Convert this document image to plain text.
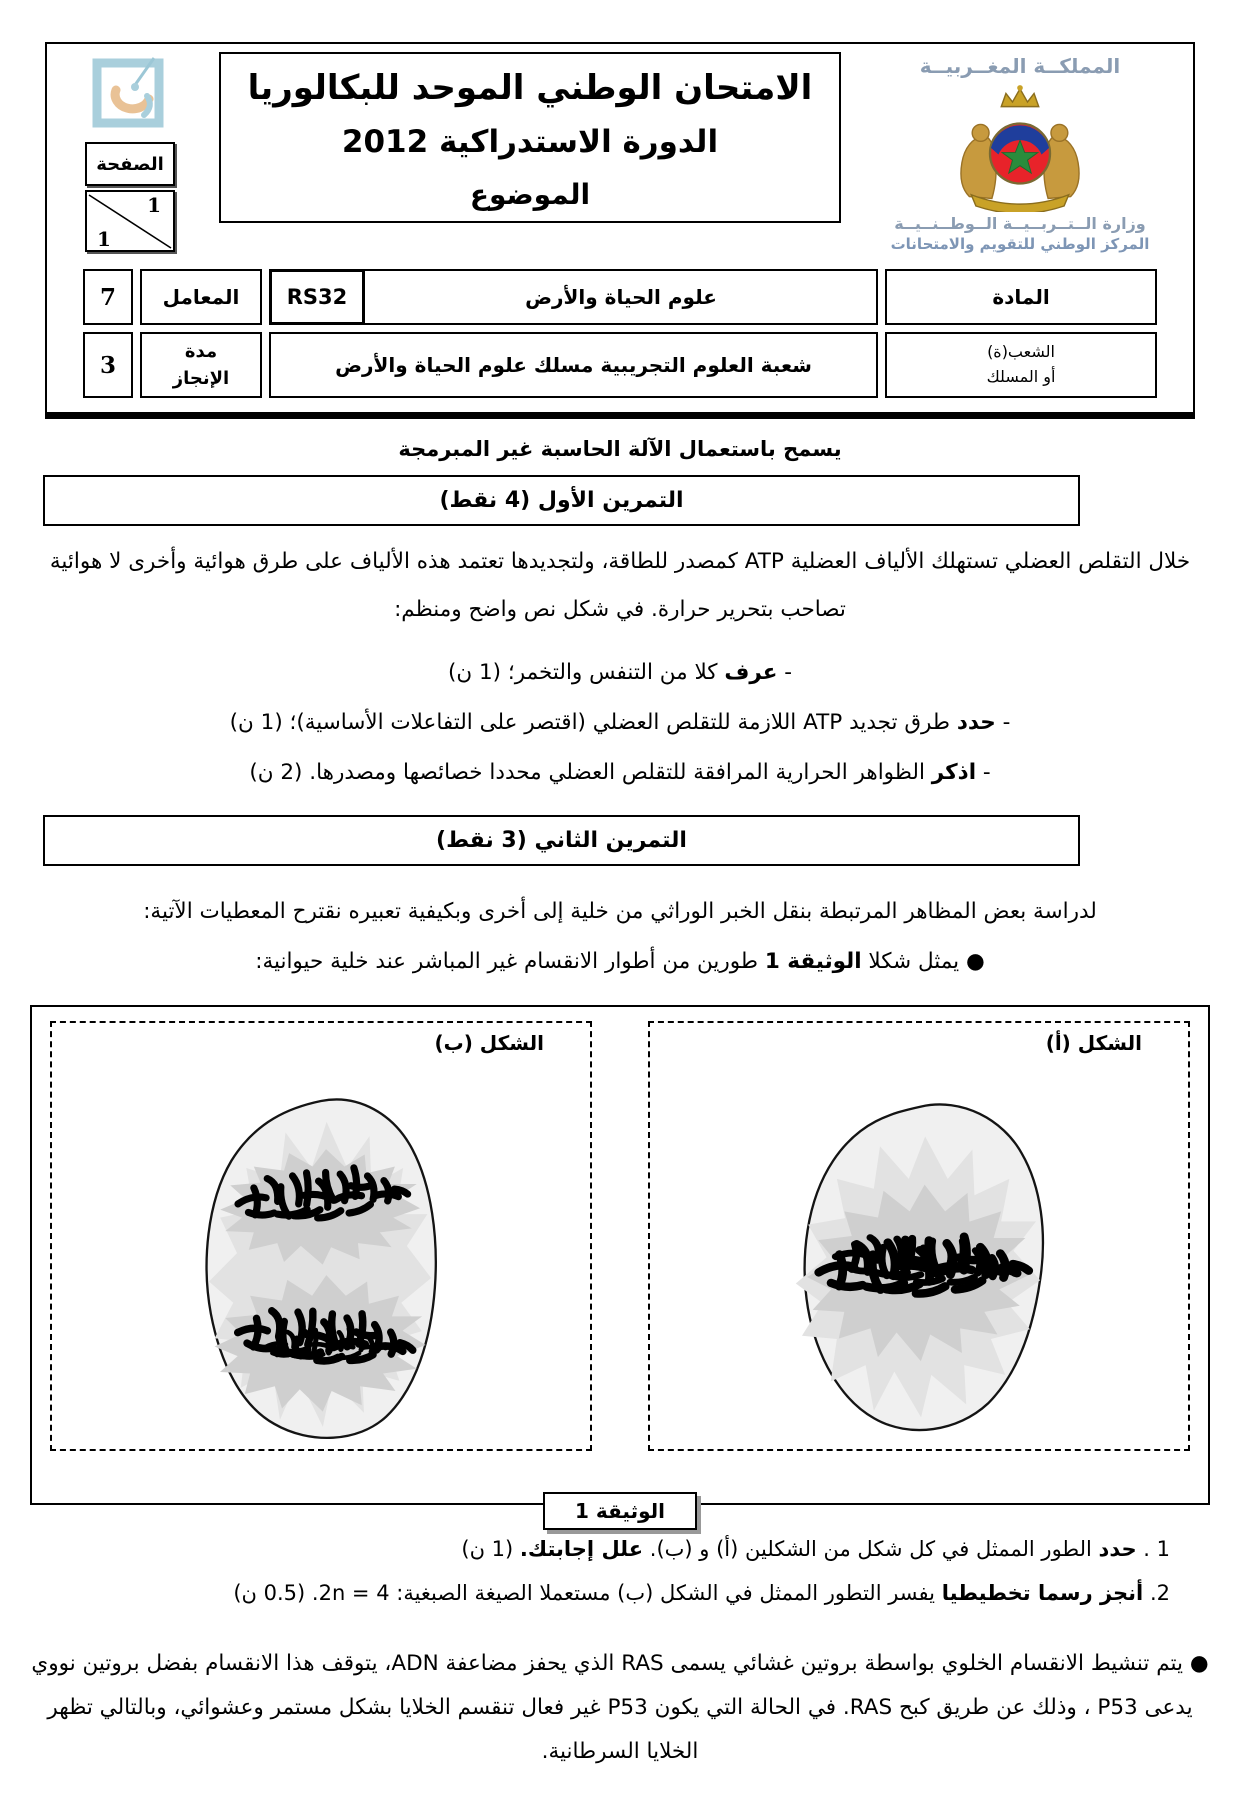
المملكــة المغــربيــة
وزارة الــتــربــيــة الــوطــنــيــة
المركز الوطني للتقويم والامتحانات
الامتحان الوطني الموحد للبكالوريا
الدورة الاستدراكية 2012
الموضوع
الصفحة
1
1
المادة
علوم الحياة والأرض
RS32
المعامل
7
الشعب(ة)
أو المسلك
شعبة العلوم التجريبية مسلك علوم الحياة والأرض
مدة
الإنجاز
3
يسمح باستعمال الآلة الحاسبة غير المبرمجة
التمرين الأول (4 نقط)
خلال التقلص العضلي تستهلك الألياف العضلية ATP كمصدر للطاقة، ولتجديدها تعتمد هذه الألياف على طرق هوائية وأخرى لا هوائية تصاحب بتحرير حرارة. في شكل نص واضح ومنظم:
- عرف كلا من التنفس والتخمر؛ (1 ن)
- حدد طرق تجديد ATP اللازمة للتقلص العضلي (اقتصر على التفاعلات الأساسية)؛ (1 ن)
- اذكر الظواهر الحرارية المرافقة للتقلص العضلي محددا خصائصها ومصدرها. (2 ن)
التمرين الثاني (3 نقط)
لدراسة بعض المظاهر المرتبطة بنقل الخبر الوراثي من خلية إلى أخرى وبكيفية تعبيره نقترح المعطيات الآتية:
● يمثل شكلا الوثيقة 1 طورين من أطوار الانقسام غير المباشر عند خلية حيوانية:
الشكل (أ)
الشكل (ب)
الوثيقة 1
1 . حدد الطور الممثل في كل شكل من الشكلين (أ) و (ب). علل إجابتك. (1 ن)
2. أنجز رسما تخطيطيا يفسر التطور الممثل في الشكل (ب) مستعملا الصيغة الصبغية: 2n = 4. (0.5 ن)
● يتم تنشيط الانقسام الخلوي بواسطة بروتين غشائي يسمى RAS الذي يحفز مضاعفة ADN، يتوقف هذا الانقسام بفضل بروتين نووي يدعى P53 ، وذلك عن طريق كبح RAS. في الحالة التي يكون P53 غير فعال تنقسم الخلايا بشكل مستمر وعشوائي، وبالتالي تظهر الخلايا السرطانية.
